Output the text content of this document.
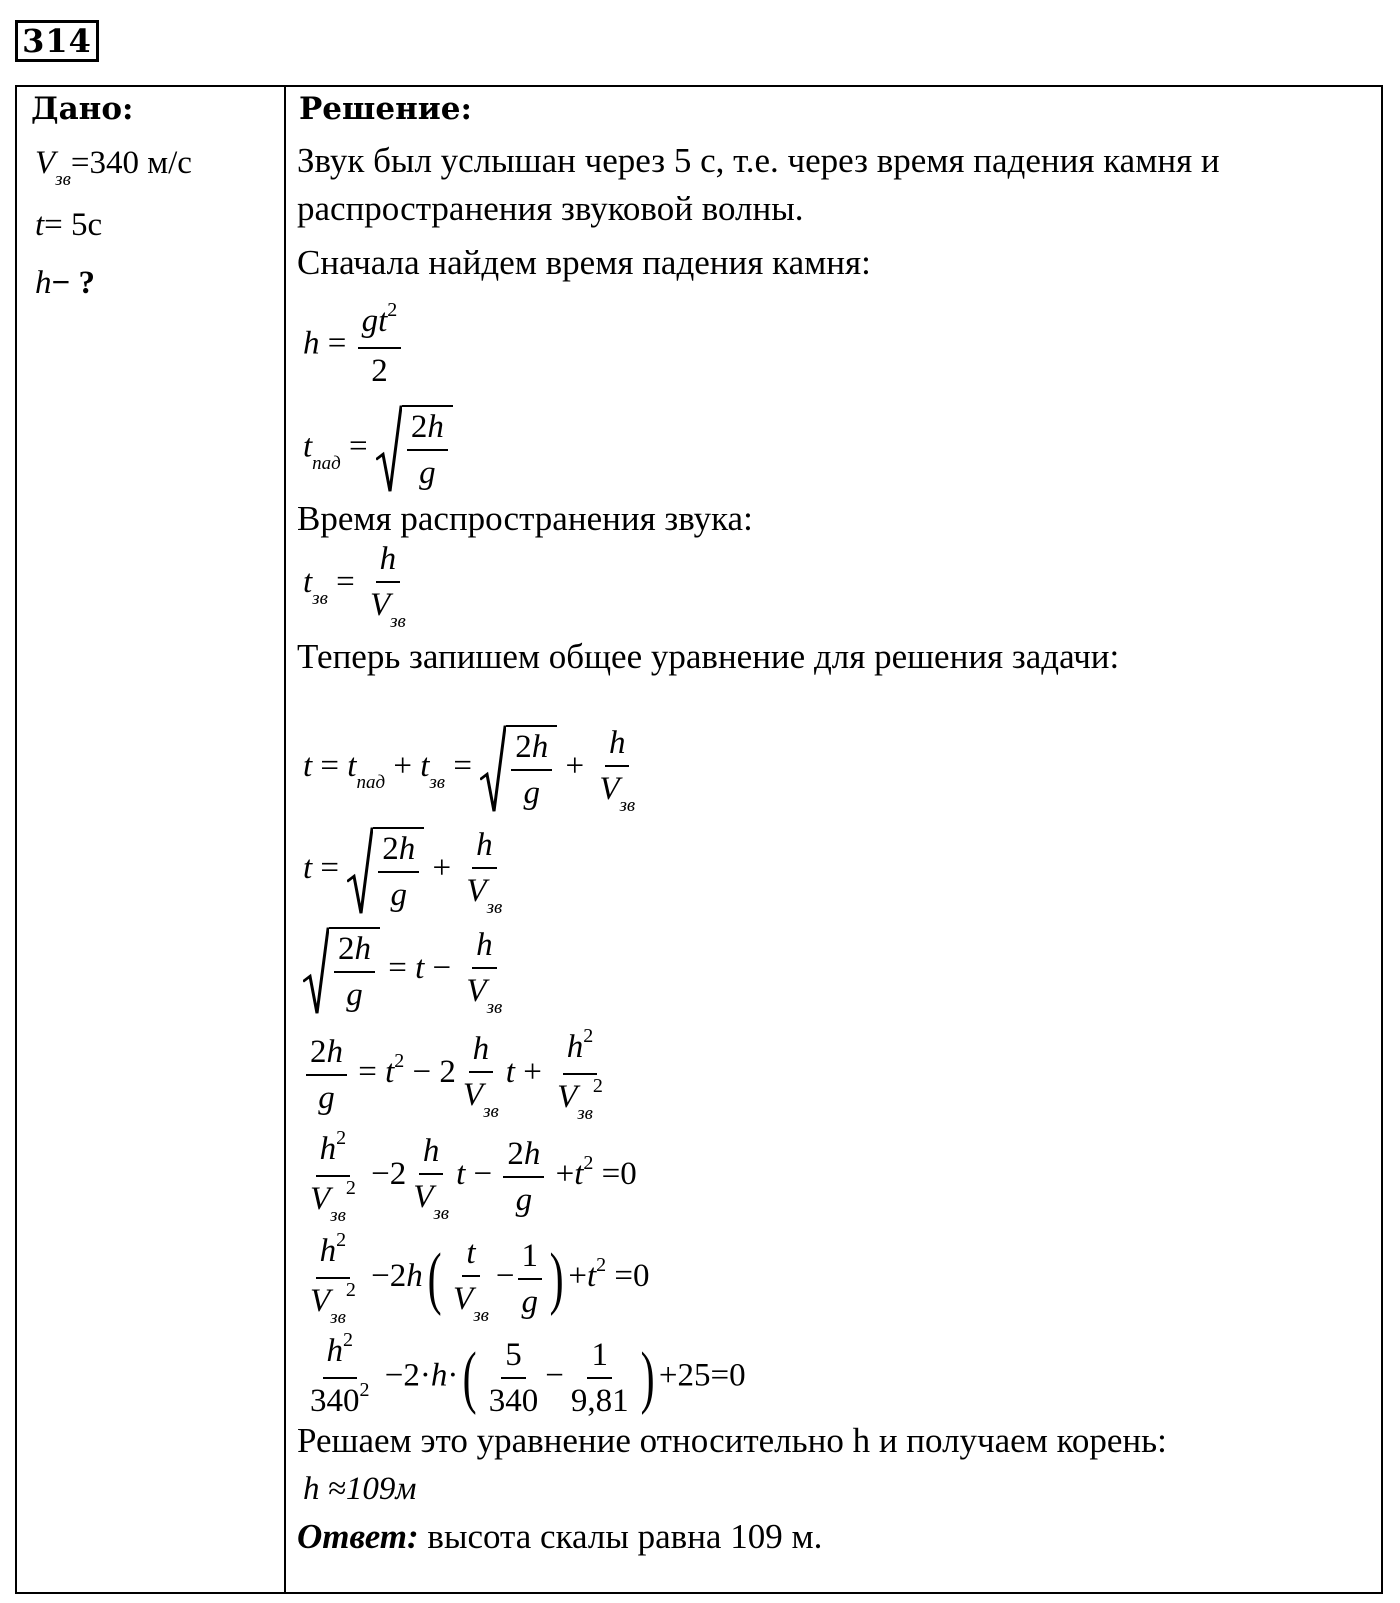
314
Дано:
$V_{зв}=340$ м/с
t= 5с
h− ?
Решение:
Звук был услышан через 5 с, т.е. через время падения камня и
распространения звуковой волны.
Сначала найдем время падения камня:
$h = \frac{gt^2}{2}$
$t_{пад} = \frac{2h}{g}$
Время распространения звука:
$t_{зв} = \frac{h}{V_{зв}}$
Теперь запишем общее уравнение для решения задачи:
$t = t_{пад} + t_{зв} = \frac{2h}{g} + \frac{h}{V_{зв}}$
$t = \frac{2h}{g} + \frac{h}{V_{зв}}$
$\frac{2h}{g} = t - \frac{h}{V_{зв}}$
$\frac{2h}{g} = t^2 - 2 \frac{h}{V_{зв}}$ $t + \frac{h^2}{V_{зв}^2}$
$\frac{h^2}{V_{зв}^2} -2 \frac{h}{V_{зв}}$ $t - \frac{2h}{g} +t^2 =0$
$\frac{h^2}{V_{зв}^2} -2h( \frac{t}{V_{зв}} - \frac{1}{g}$ ) $+t^2 =0$
$\frac{h^2}{340^2} -2\cdot h\cdot( \frac{5}{340} - \frac{1}{9,81}$ ) +25=0
Решаем это уравнение относительно h и получаем корень:
h ≈109м
Ответ: высота скалы равна 109 м.
